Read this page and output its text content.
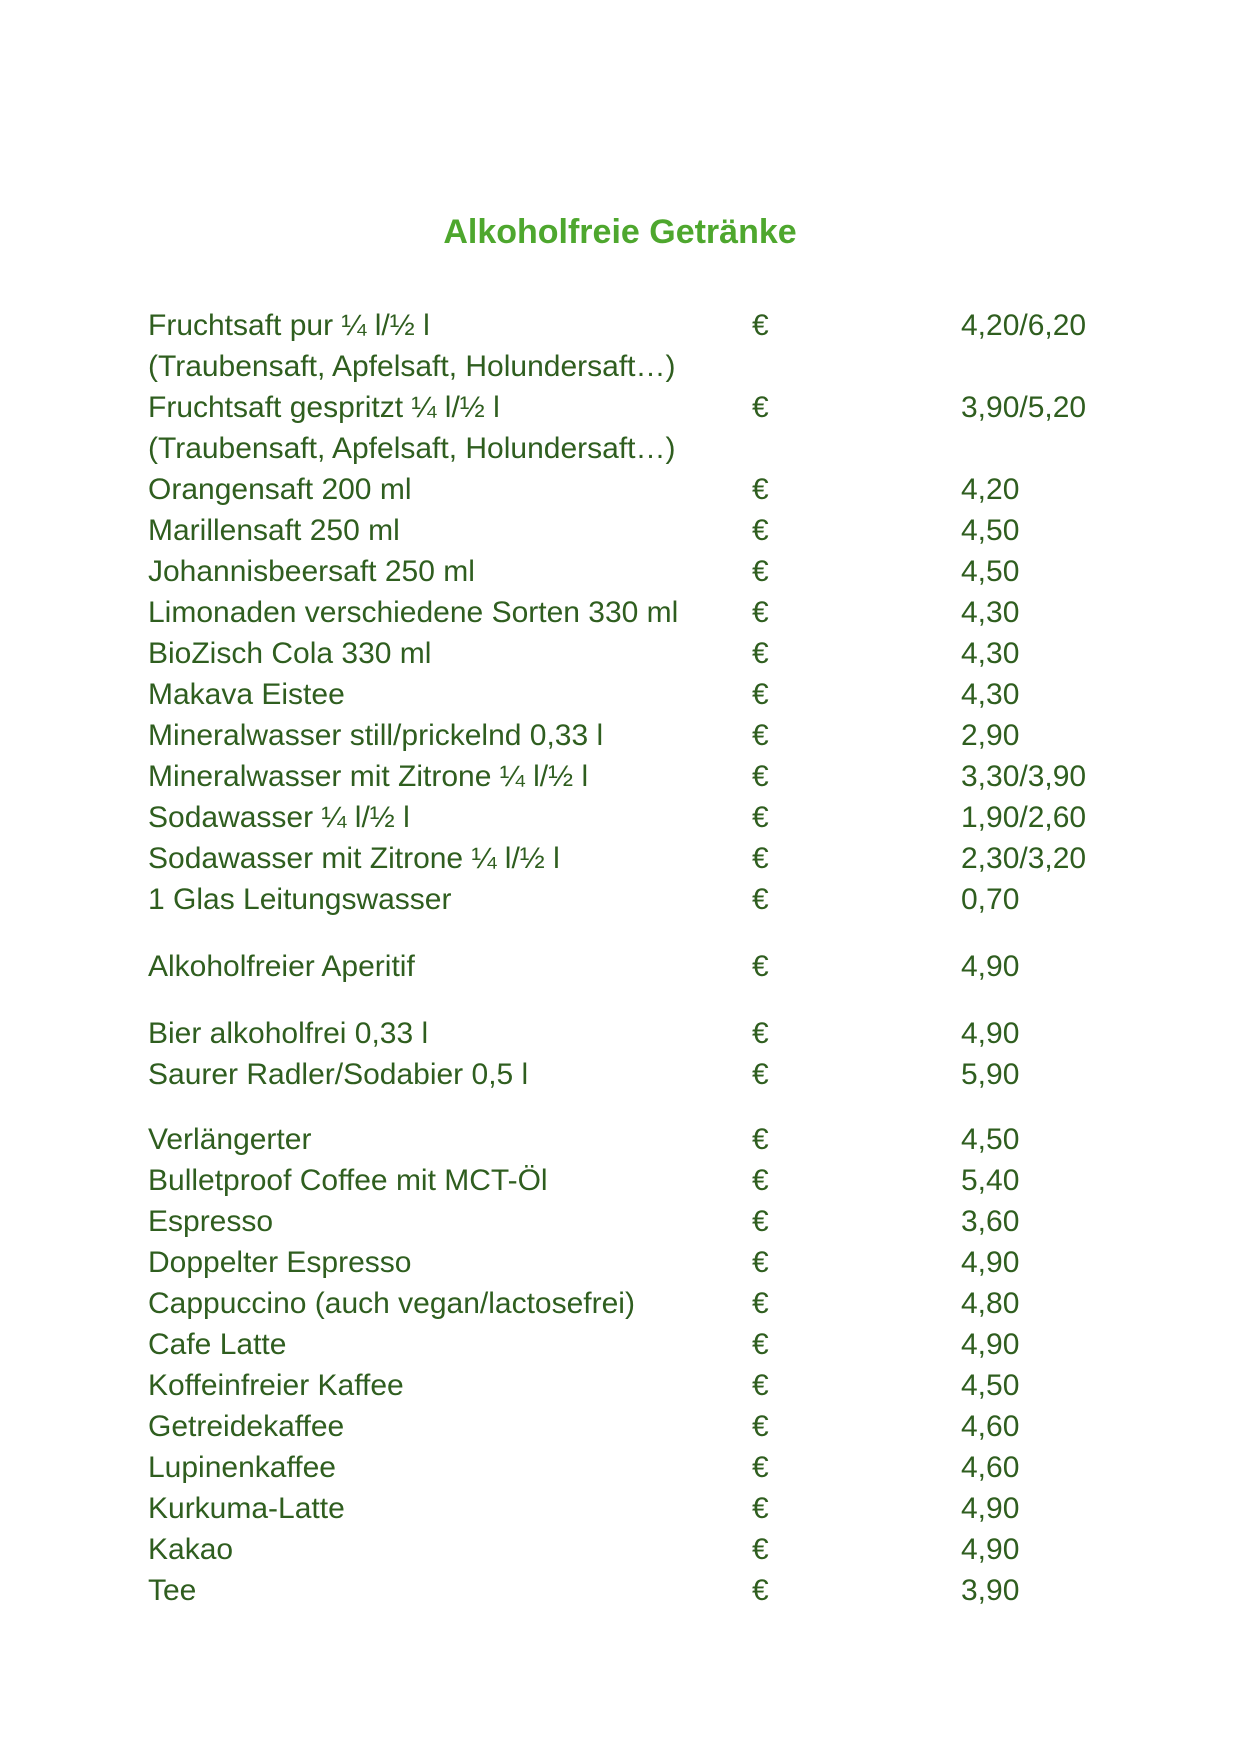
Alkoholfreie Getränke
Fruchtsaft pur ¼ l/½ l	€	4,20/6,20
(Traubensaft, Apfelsaft, Holundersaft…)
Fruchtsaft gespritzt ¼ l/½ l	€	3,90/5,20
(Traubensaft, Apfelsaft, Holundersaft…)
Orangensaft 200 ml	€	4,20
Marillensaft 250 ml	€	4,50
Johannisbeersaft 250 ml	€	4,50
Limonaden verschiedene Sorten 330 ml €	4,30
BioZisch Cola 330 ml	€	4,30
Makava Eistee	€	4,30
Mineralwasser still/prickelnd 0,33 l	€	2,90
Mineralwasser mit Zitrone ¼ l/½ l	€	3,30/3,90
Sodawasser ¼ l/½ l	€	1,90/2,60
Sodawasser mit Zitrone ¼ l/½ l	€	2,30/3,20
1 Glas Leitungswasser	€	0,70
Alkoholfreier Aperitif	€	4,90
Bier alkoholfrei 0,33 l	€	4,90
Saurer Radler/Sodabier 0,5 l	€	5,90
Verlängerter	€	4,50
Bulletproof Coffee mit MCT-Öl	€	5,40
Espresso	€	3,60
Doppelter Espresso	€	4,90
Cappuccino (auch vegan/lactosefrei)	€	4,80
Cafe Latte	€	4,90
Koffeinfreier Kaffee	€	4,50
Getreidekaffee	€	4,60
Lupinenkaffee	€	4,60
Kurkuma-Latte	€	4,90
Kakao	€	4,90
Tee	€	3,90
